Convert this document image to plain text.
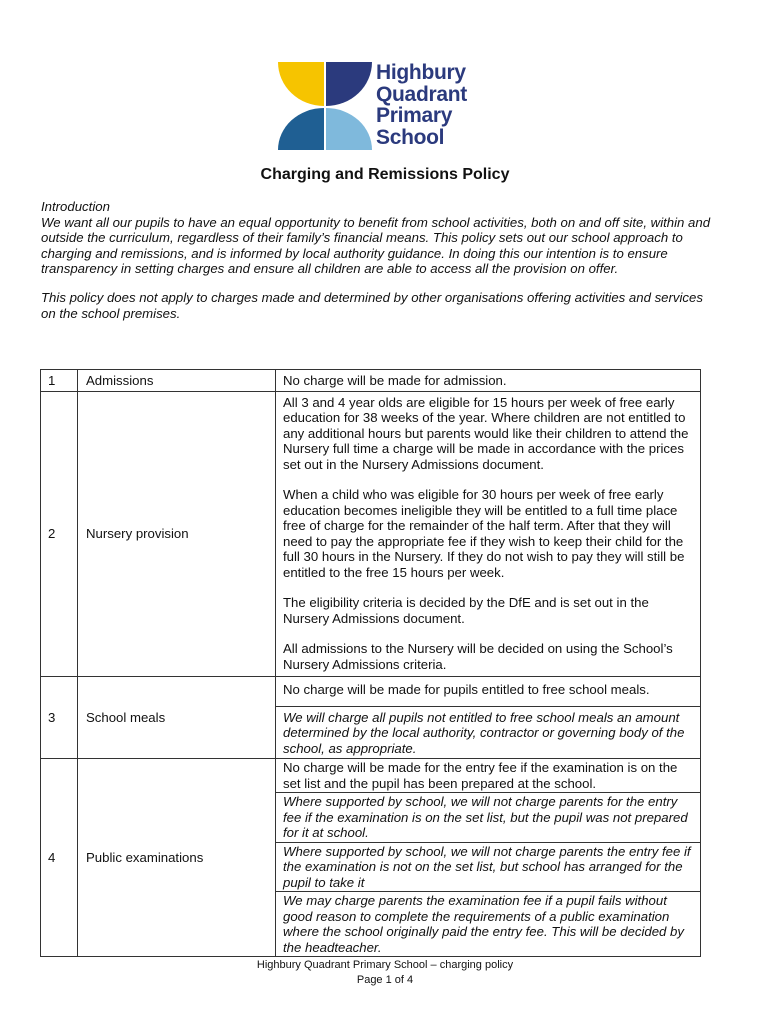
Highbury
Quadrant
Primary
School
Charging and Remissions Policy

Introduction

We want all our pupils to have an equal opportunity to benefit from school activities, both on and off site, within and outside the curriculum, regardless of their family’s financial means. This policy sets out our school approach to charging and remissions, and is informed by local authority guidance. In doing this our intention is to ensure transparency in setting charges and ensure all children are able to access all the provision on offer.

This policy does not apply to charges made and determined by other organisations offering activities and services on the school premises.

1	Admissions	No charge will be made for admission.

2	Nursery provision	All 3 and 4 year olds are eligible for 15 hours per week of free early education for 38 weeks of the year. Where children are not entitled to any additional hours but parents would like their children to attend the Nursery full time a charge will be made in accordance with the prices set out in the Nursery Admissions document.

When a child who was eligible for 30 hours per week of free early education becomes ineligible they will be entitled to a full time place free of charge for the remainder of the half term. After that they will need to pay the appropriate fee if they wish to keep their child for the full 30 hours in the Nursery. If they do not wish to pay they will still be entitled to the free 15 hours per week.

The eligibility criteria is decided by the DfE and is set out in the Nursery Admissions document.

All admissions to the Nursery will be decided on using the School’s Nursery Admissions criteria.

3	School meals	No charge will be made for pupils entitled to free school meals.
We will charge all pupils not entitled to free school meals an amount determined by the local authority, contractor or governing body of the school, as appropriate.

4	Public examinations	No charge will be made for the entry fee if the examination is on the set list and the pupil has been prepared at the school.
Where supported by school, we will not charge parents for the entry fee if the examination is on the set list, but the pupil was not prepared for it at school.
Where supported by school, we will not charge parents the entry fee if the examination is not on the set list, but school has arranged for the pupil to take it
We may charge parents the examination fee if a pupil fails without good reason to complete the requirements of a public examination where the school originally paid the entry fee. This will be decided by the headteacher.
Highbury Quadrant Primary School – charging policy
Page 1 of 4
